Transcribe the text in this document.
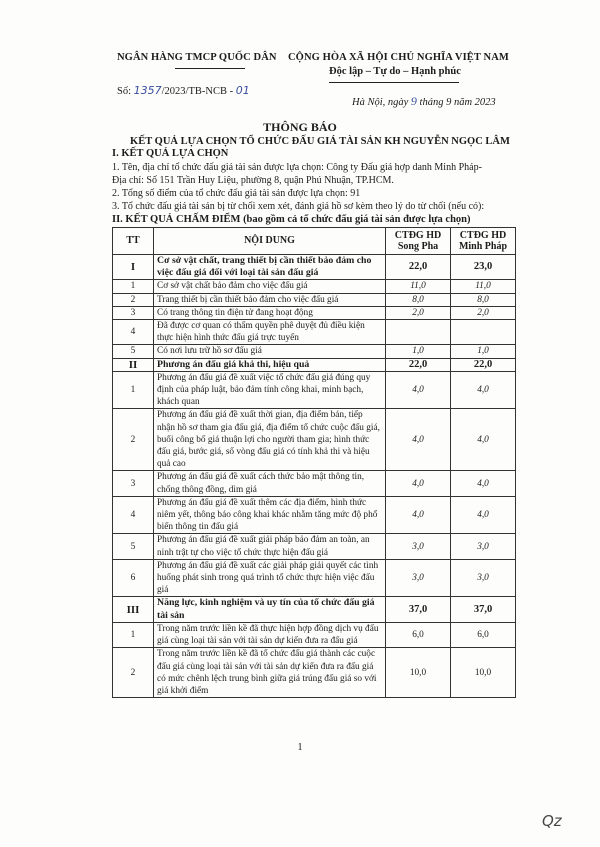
NGÂN HÀNG TMCP QUỐC DÂN CỘNG HÒA XÃ HỘI CHỦ NGHĨA VIỆT NAM
Độc lập – Tự do – Hạnh phúc
Số: 1357/2023/TB-NCB - 01
Hà Nội, ngày 9 tháng 9 năm 2023
THÔNG BÁO
KẾT QUẢ LỰA CHỌN TỔ CHỨC ĐẤU GIÁ TÀI SẢN KH NGUYỄN NGỌC LÂM
I. KẾT QUẢ LỰA CHỌN
1. Tên, địa chỉ tổ chức đấu giá tài sản được lựa chọn: Công ty Đấu giá hợp danh Minh Pháp-
Địa chỉ: Số 151 Trần Huy Liệu, phường 8, quận Phú Nhuận, TP.HCM.
2. Tổng số điểm của tổ chức đấu giá tài sản được lựa chọn: 91
3. Tổ chức đấu giá tài sản bị từ chối xem xét, đánh giá hồ sơ kèm theo lý do từ chối (nếu có):
II. KẾT QUẢ CHẤM ĐIỂM (bao gồm cả tổ chức đấu giá tài sản được lựa chọn)
TT	NỘI DUNG	CTĐG HD Song Pha	CTĐG HD Minh Pháp
I	Cơ sở vật chất, trang thiết bị cần thiết bảo đảm cho việc đấu giá đối với loại tài sản đấu giá	22,0	23,0
1	Cơ sở vật chất bảo đảm cho việc đấu giá	11,0	11,0
2	Trang thiết bị cần thiết bảo đảm cho việc đấu giá	8,0	8,0
3	Có trang thông tin điện tử đang hoạt động	2,0	2,0
4	Đã được cơ quan có thẩm quyền phê duyệt đủ điều kiện thực hiện hình thức đấu giá trực tuyến		
5	Có nơi lưu trữ hồ sơ đấu giá	1,0	1,0
II	Phương án đấu giá khả thi, hiệu quả	22,0	22,0
1	Phương án đấu giá đề xuất việc tổ chức đấu giá đúng quy định của pháp luật, bảo đảm tính công khai, minh bạch, khách quan	4,0	4,0
2	Phương án đấu giá đề xuất thời gian, địa điểm bán, tiếp nhận hồ sơ tham gia đấu giá, địa điểm tổ chức cuộc đấu giá, buổi công bố giá thuận lợi cho người tham gia; hình thức đấu giá, bước giá, số vòng đấu giá có tính khả thi và hiệu quả cao	4,0	4,0
3	Phương án đấu giá đề xuất cách thức bảo mật thông tin, chống thông đồng, dìm giá	4,0	4,0
4	Phương án đấu giá đề xuất thêm các địa điểm, hình thức niêm yết, thông báo công khai khác nhằm tăng mức độ phổ biến thông tin đấu giá	4,0	4,0
5	Phương án đấu giá đề xuất giải pháp bảo đảm an toàn, an ninh trật tự cho việc tổ chức thực hiện đấu giá	3,0	3,0
6	Phương án đấu giá đề xuất các giải pháp giải quyết các tình huống phát sinh trong quá trình tổ chức thực hiện việc đấu giá	3,0	3,0
III	Năng lực, kinh nghiệm và uy tín của tổ chức đấu giá tài sản	37,0	37,0
1	Trong năm trước liền kề đã thực hiện hợp đồng dịch vụ đấu giá cùng loại tài sản với tài sản dự kiến đưa ra đấu giá	6,0	6,0
2	Trong năm trước liền kề đã tổ chức đấu giá thành các cuộc đấu giá cùng loại tài sản với tài sản dự kiến đưa ra đấu giá có mức chênh lệch trung bình giữa giá trúng đấu giá so với giá khởi điểm	10,0	10,0
1
Qz
